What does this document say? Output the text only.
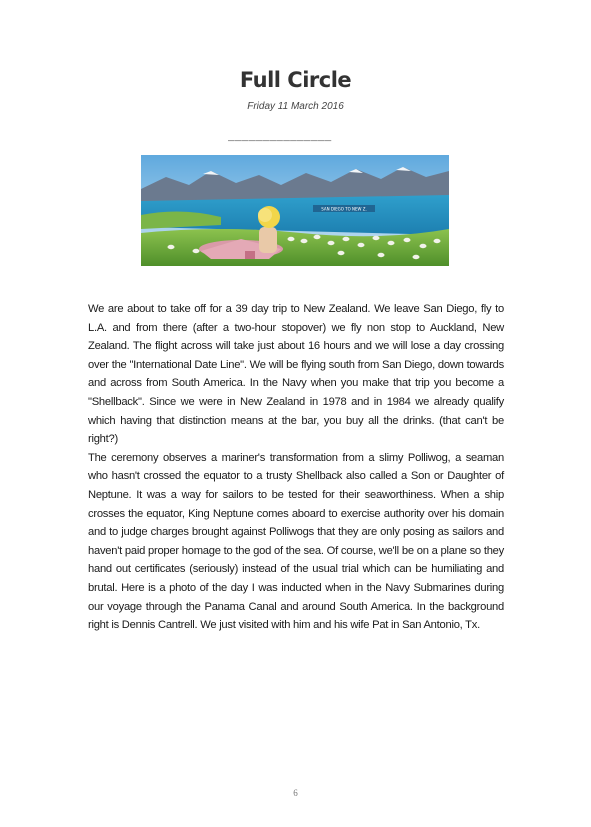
Full Circle
Friday 11 March 2016
_______________
SAN DIEGO TO NEW Z.

We are about to take off for a 39 day trip to New Zealand. We leave San Diego, fly to L.A. and from there (after a two-hour stopover) we fly non stop to Auckland, New Zealand. The flight across will take just about 16 hours and we will lose a day crossing over the "International Date Line". We will be flying south from San Diego, down towards and across from South America. In the Navy when you make that trip you become a "Shellback". Since we were in New Zealand in 1978 and in 1984 we already qualify which having that distinction means at the bar, you buy all the drinks. (that can't be right?)

The ceremony observes a mariner's transformation from a slimy Polliwog, a seaman who hasn't crossed the equator to a trusty Shellback also called a Son or Daughter of Neptune. It was a way for sailors to be tested for their seaworthiness. When a ship crosses the equator, King Neptune comes aboard to exercise authority over his domain and to judge charges brought against Polliwogs that they are only posing as sailors and haven't paid proper homage to the god of the sea. Of course, we'll be on a plane so they hand out certificates (seriously) instead of the usual trial which can be humiliating and brutal. Here is a photo of the day I was inducted when in the Navy Submarines during our voyage through the Panama Canal and around South America. In the background right is Dennis Cantrell. We just visited with him and his wife Pat in San Antonio, Tx.

6
